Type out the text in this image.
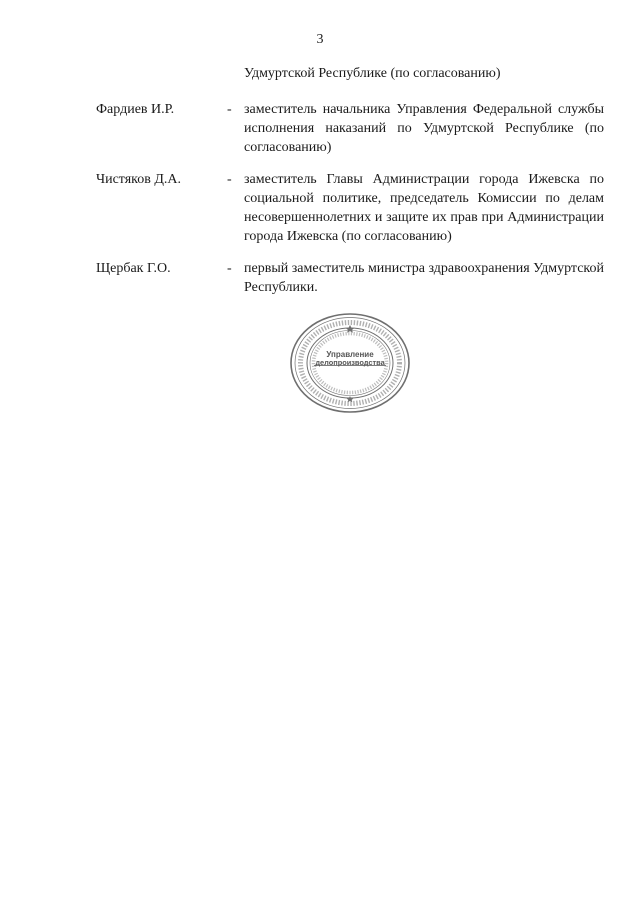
3
Удмуртской Республике (по согласованию)
Фардиев И.Р.	- заместитель начальника Управления Федеральной службы исполнения наказаний по Удмуртской Республике (по согласованию)
Чистяков Д.А.	- заместитель Главы Администрации города Ижевска по социальной политике, председатель Комиссии по делам несовершеннолетних и защите их прав при Администрации города Ижевска (по согласованию)
Щербак Г.О.	- первый заместитель министра здравоохранения Удмуртской Республики.
Управление
делопроизводства
